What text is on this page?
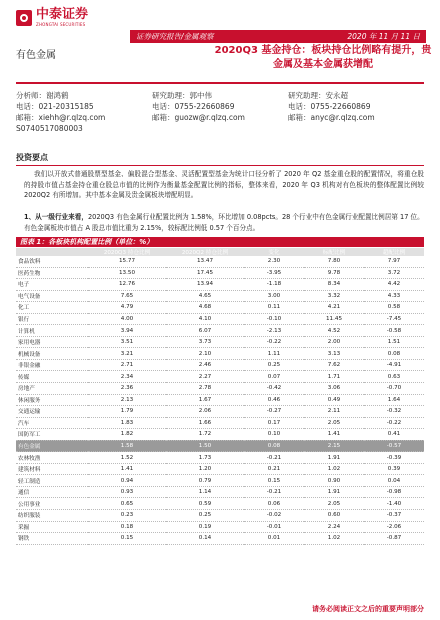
中泰证券
ZHONGTAI SECURITIES
证券研究报告/金属观察	2020 年 11 月 11 日
有色金属	2020Q3 基金持仓：板块持仓比例略有提升，贵金属及基本金属获增配
分析师：谢鸿鹤
电话：021-20315185
邮箱：xiehh@r.qlzq.com
S0740517080003
研究助理：郭中伟
电话：0755-22660869
邮箱：guozw@r.qlzq.com
研究助理：安永超
电话：0755-22660869
邮箱：anyc@r.qlzq.com
投资要点
我们以开放式普通股票型基金、偏股混合型基金、灵活配置型基金为统计口径分析了 2020 年 Q2 基金重仓股的配置情况，将重仓股的持股市值占基金持仓重仓股总市值的比例作为衡量基金配置比例的指标，整体来看，2020 年 Q3 机构对有色板块的整体配置比例较 2020Q2 有所增加。其中基本金属及贵金属板块增配明显。
1、从一级行业来看，2020Q3 有色金属行业配置比例为 1.58%，环比增加 0.08pcts。28 个行业中有色金属行业配置比例居第 17 位。有色金属板块市值占 A 股总市值比重为 2.15%，较标配比例低 0.57 个百分点。
图表 1：各板块机构配置比例（单位：%）
	2020Q3 持仓比例	2020Q2 持仓比例	变化	标配比例	超配比例
食品饮料	15.77	13.47	2.30	7.80	7.97
医药生物	13.50	17.45	-3.95	9.78	3.72
电子	12.76	13.94	-1.18	8.34	4.42
电气设备	7.65	4.65	3.00	3.32	4.33
化工	4.79	4.68	0.11	4.21	0.58
银行	4.00	4.10	-0.10	11.45	-7.45
计算机	3.94	6.07	-2.13	4.52	-0.58
家用电器	3.51	3.73	-0.22	2.00	1.51
机械设备	3.21	2.10	1.11	3.13	0.08
非银金融	2.71	2.46	0.25	7.62	-4.91
传媒	2.34	2.27	0.07	1.71	0.63
房地产	2.36	2.78	-0.42	3.06	-0.70
休闲服务	2.13	1.67	0.46	0.49	1.64
交通运输	1.79	2.06	-0.27	2.11	-0.32
汽车	1.83	1.66	0.17	2.05	-0.22
国防军工	1.82	1.72	0.10	1.41	0.41
有色金属	1.58	1.50	0.08	2.15	-0.57
农林牧渔	1.52	1.73	-0.21	1.91	-0.39
建筑材料	1.41	1.20	0.21	1.02	0.39
轻工制造	0.94	0.79	0.15	0.90	0.04
通信	0.93	1.14	-0.21	1.91	-0.98
公用事业	0.65	0.59	0.06	2.05	-1.40
纺织服装	0.23	0.25	-0.02	0.60	-0.37
采掘	0.18	0.19	-0.01	2.24	-2.06
钢铁	0.15	0.14	0.01	1.02	-0.87
请务必阅读正文之后的重要声明部分
